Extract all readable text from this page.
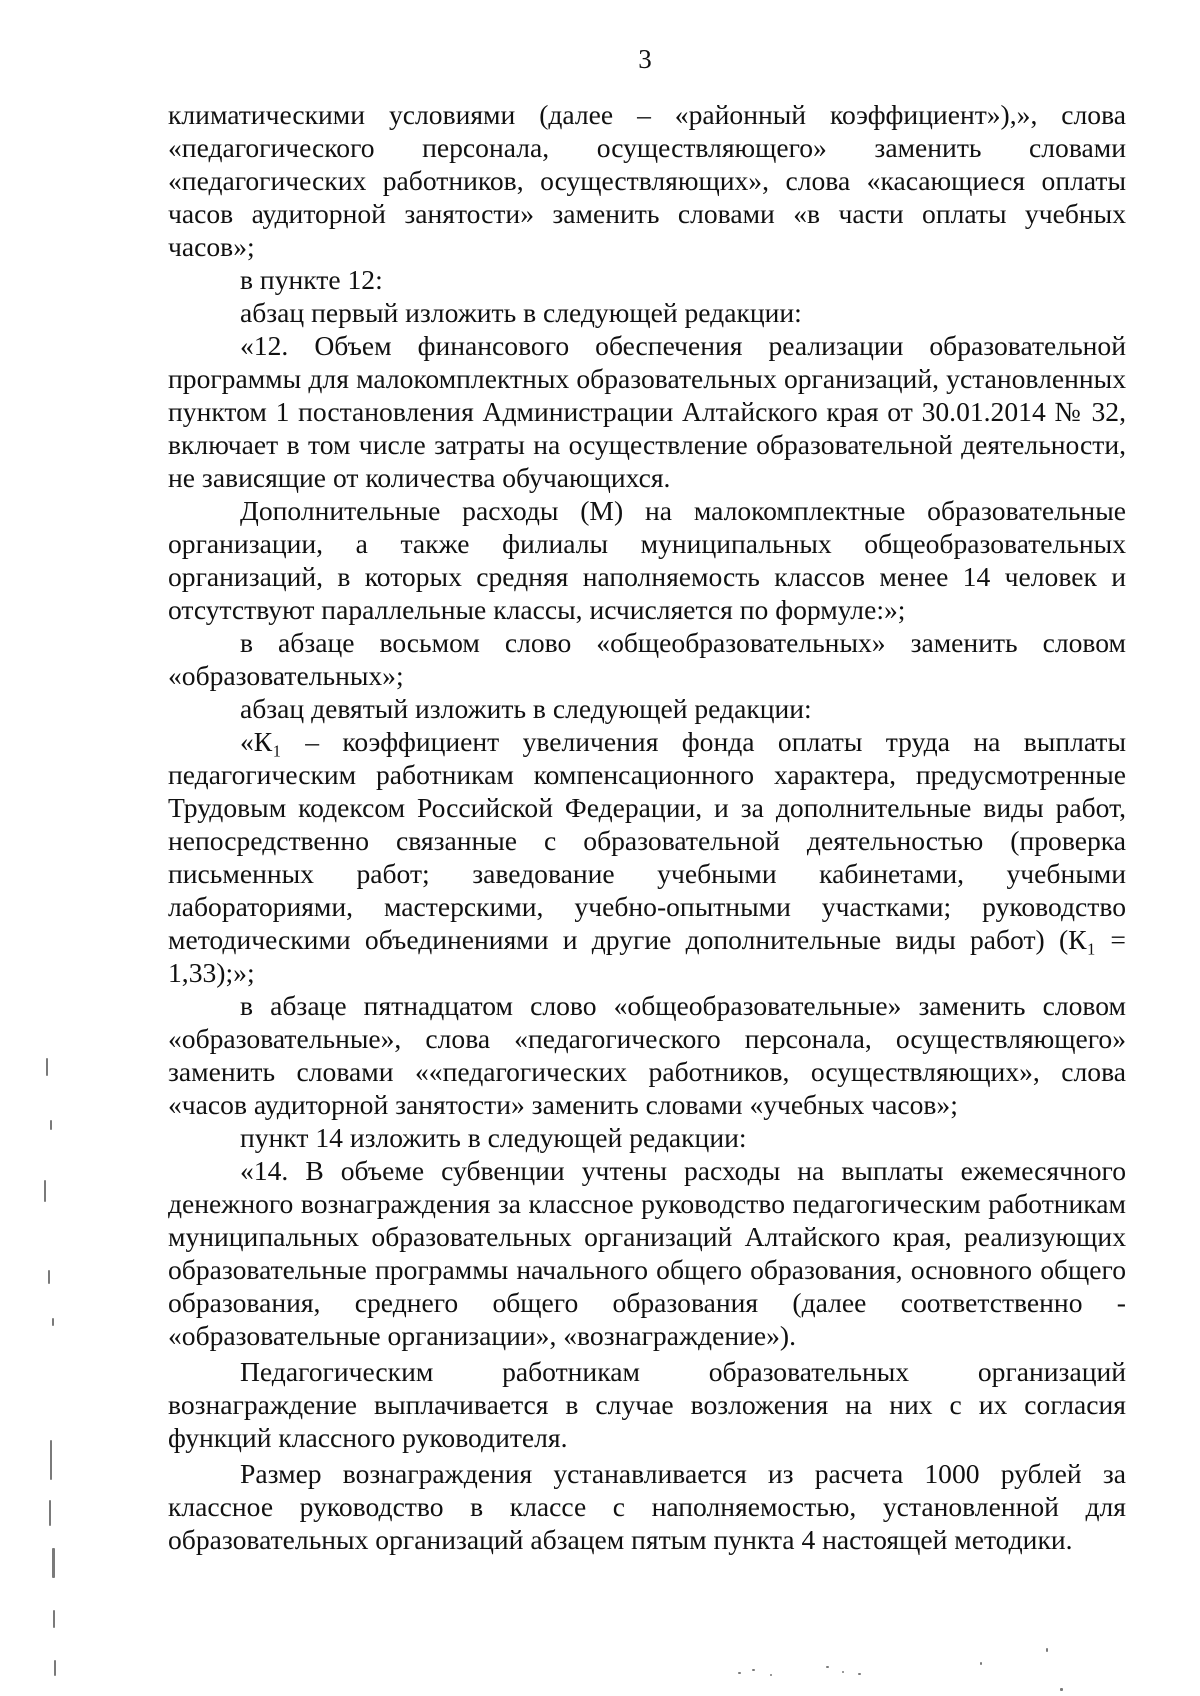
3

климатическими условиями (далее – «районный коэффициент»),», слова «педагогического персонала, осуществляющего» заменить словами «педагогических работников, осуществляющих», слова «касающиеся оплаты часов аудиторной занятости» заменить словами «в части оплаты учебных часов»;

в пункте 12:

абзац первый изложить в следующей редакции:

«12. Объем финансового обеспечения реализации образовательной программы для малокомплектных образовательных организаций, установленных пунктом 1 постановления Администрации Алтайского края от 30.01.2014 № 32, включает в том числе затраты на осуществление образовательной деятельности, не зависящие от количества обучающихся.

Дополнительные расходы (М) на малокомплектные образовательные организации, а также филиалы муниципальных общеобразовательных организаций, в которых средняя наполняемость классов менее 14 человек и отсутствуют параллельные классы, исчисляется по формуле:»;

в абзаце восьмом слово «общеобразовательных» заменить словом «образовательных»;

абзац девятый изложить в следующей редакции:

«К₁ – коэффициент увеличения фонда оплаты труда на выплаты педагогическим работникам компенсационного характера, предусмотренные Трудовым кодексом Российской Федерации, и за дополнительные виды работ, непосредственно связанные с образовательной деятельностью (проверка письменных работ; заведование учебными кабинетами, учебными лабораториями, мастерскими, учебно-опытными участками; руководство методическими объединениями и другие дополнительные виды работ) (К₁ = 1,33);»;

в абзаце пятнадцатом слово «общеобразовательные» заменить словом «образовательные», слова «педагогического персонала, осуществляющего» заменить словами ««педагогических работников, осуществляющих», слова «часов аудиторной занятости» заменить словами «учебных часов»;

пункт 14 изложить в следующей редакции:

«14. В объеме субвенции учтены расходы на выплаты ежемесячного денежного вознаграждения за классное руководство педагогическим работникам муниципальных образовательных организаций Алтайского края, реализующих образовательные программы начального общего образования, основного общего образования, среднего общего образования (далее соответственно - «образовательные организации», «вознаграждение»).

Педагогическим работникам образовательных организаций вознаграждение выплачивается в случае возложения на них с их согласия функций классного руководителя.

Размер вознаграждения устанавливается из расчета 1000 рублей за классное руководство в классе с наполняемостью, установленной для образовательных организаций абзацем пятым пункта 4 настоящей методики.
